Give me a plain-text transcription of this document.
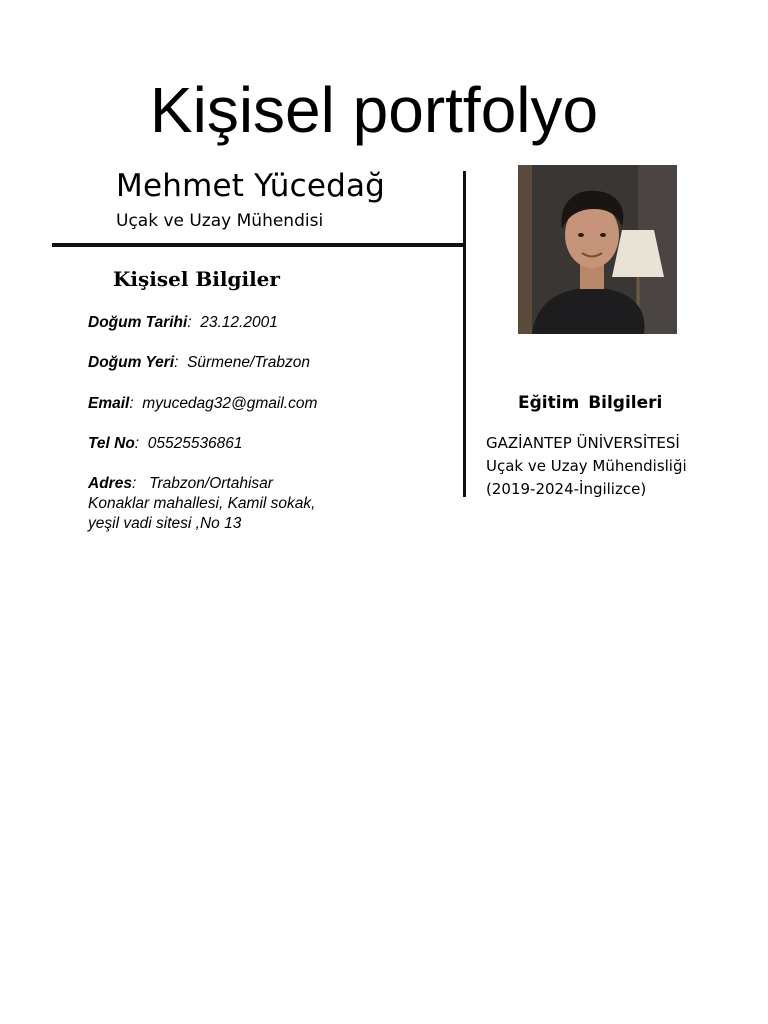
Kişisel portfolyo
Mehmet Yücedağ
Uçak ve Uzay Mühendisi
Kişisel Bilgiler
Doğum Tarihi:  23.12.2001
Doğum Yeri:  Sürmene/Trabzon
Email:  myucedag32@gmail.com
Tel No:  05525536861
Adres:   Trabzon/Ortahisar
Konaklar mahallesi, Kamil sokak,
yeşil vadi sitesi ,No 13
Eğitim Bilgileri
GAZİANTEP ÜNİVERSİTESİ
Uçak ve Uzay Mühendisliği
(2019-2024-İngilizce)
